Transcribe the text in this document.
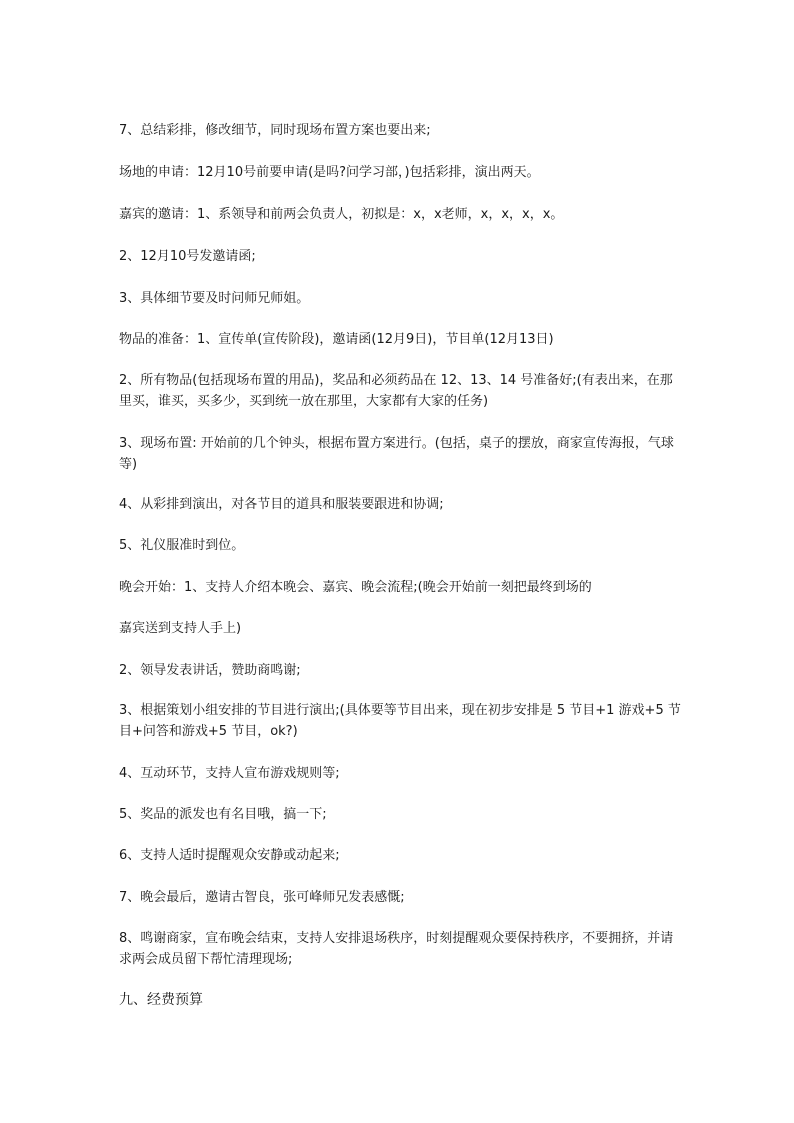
7、总结彩排，修改细节，同时现场布置方案也要出来;

场地的申请：12月10号前要申请(是吗?问学习部，)包括彩排，演出两天。

嘉宾的邀请：1、系领导和前两会负责人，初拟是：x，x老师，x，x，x，x。

2、12月10号发邀请函;

3、具体细节要及时问师兄师姐。

物品的准备：1、宣传单(宣传阶段)，邀请函(12月9日)，节目单(12月13日)

2、所有物品(包括现场布置的用品)，奖品和必须药品在 12、13、14 号准备好;(有表出来，在那里买，谁买，买多少，买到统一放在那里，大家都有大家的任务)

3、现场布置: 开始前的几个钟头，根据布置方案进行。(包括，桌子的摆放，商家宣传海报，气球等)

4、从彩排到演出，对各节目的道具和服装要跟进和协调;

5、礼仪服准时到位。

晚会开始：1、支持人介绍本晚会、嘉宾、晚会流程;(晚会开始前一刻把最终到场的

嘉宾送到支持人手上)

2、领导发表讲话，赞助商鸣谢;

3、根据策划小组安排的节目进行演出;(具体要等节目出来，现在初步安排是 5 节目+1 游戏+5 节目+问答和游戏+5 节目，ok?)

4、互动环节，支持人宣布游戏规则等;

5、奖品的派发也有名目哦，搞一下;

6、支持人适时提醒观众安静或动起来;

7、晚会最后，邀请古智良，张可峰师兄发表感慨;

8、鸣谢商家，宣布晚会结束，支持人安排退场秩序，时刻提醒观众要保持秩序，不要拥挤，并请求两会成员留下帮忙清理现场;

九、经费预算
